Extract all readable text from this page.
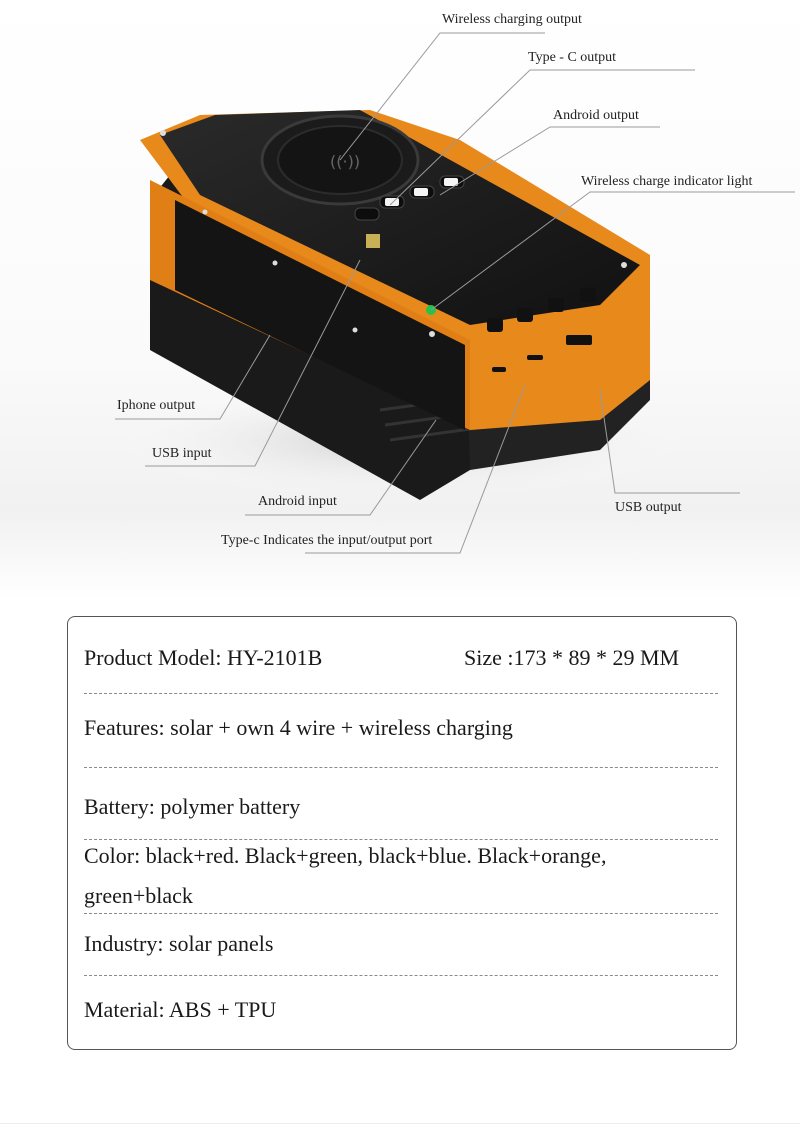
((·))
Wireless charging output
Type - C output
Android output
Wireless charge indicator light
Iphone output
USB input
Android input
Type-c Indicates the input/output port
USB output
Product Model: HY-2101B	Size :173 * 89 * 29 MM
Features: solar + own 4 wire + wireless charging
Battery: polymer battery
Color: black+red. Black+green, black+blue. Black+orange,
green+black
Industry: solar panels
Material: ABS + TPU
